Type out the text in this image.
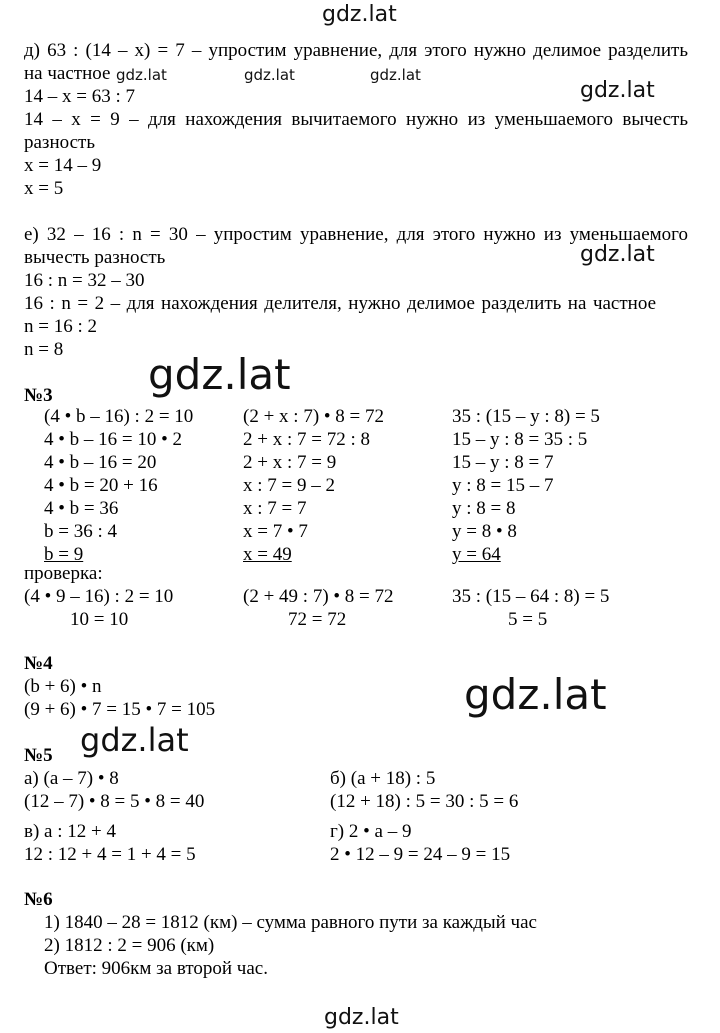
gdz.lat
gdz.lat	gdz.lat	gdz.lat
gdz.lat
gdz.lat
gdz.lat
gdz.lat
gdz.lat
gdz.lat
д) 63 : (14 – x) = 7 – упростим уравнение, для этого нужно делимое разделить
на частное
14 – x = 63 : 7
14 – x = 9 – для нахождения вычитаемого нужно из уменьшаемого вычесть
разность
x = 14 – 9
x = 5
е) 32 – 16 : n = 30 – упростим уравнение, для этого нужно из уменьшаемого
вычесть разность
16 : n = 32 – 30
16 : n = 2 – для нахождения делителя, нужно делимое разделить на частное
n = 16 : 2
n = 8
№3
(4 • b – 16) : 2 = 10
4 • b – 16 = 10 • 2
4 • b – 16 = 20
4 • b = 20 + 16
4 • b = 36
b = 36 : 4
b = 9
(2 + x : 7) • 8 = 72
2 + x : 7 = 72 : 8
2 + x : 7 = 9
x : 7 = 9 – 2
x : 7 = 7
x = 7 • 7
x = 49
35 : (15 – y : 8) = 5
15 – y : 8 = 35 : 5
15 – y : 8 = 7
y : 8 = 15 – 7
y : 8 = 8
y = 8 • 8
y = 64
проверка:
(4 • 9 – 16) : 2 = 10
10 = 10
(2 + 49 : 7) • 8 = 72
72 = 72
35 : (15 – 64 : 8) = 5
5 = 5
№4
(b + 6) • n
(9 + 6) • 7 = 15 • 7 = 105
№5
а) (a – 7) • 8
(12 – 7) • 8 = 5 • 8 = 40
б) (a + 18) : 5
(12 + 18) : 5 = 30 : 5 = 6
в) a : 12 + 4
12 : 12 + 4 = 1 + 4 = 5
г) 2 • a – 9
2 • 12 – 9 = 24 – 9 = 15
№6
1) 1840 – 28 = 1812 (км) – сумма равного пути за каждый час
2) 1812 : 2 = 906 (км)
Ответ: 906км за второй час.
